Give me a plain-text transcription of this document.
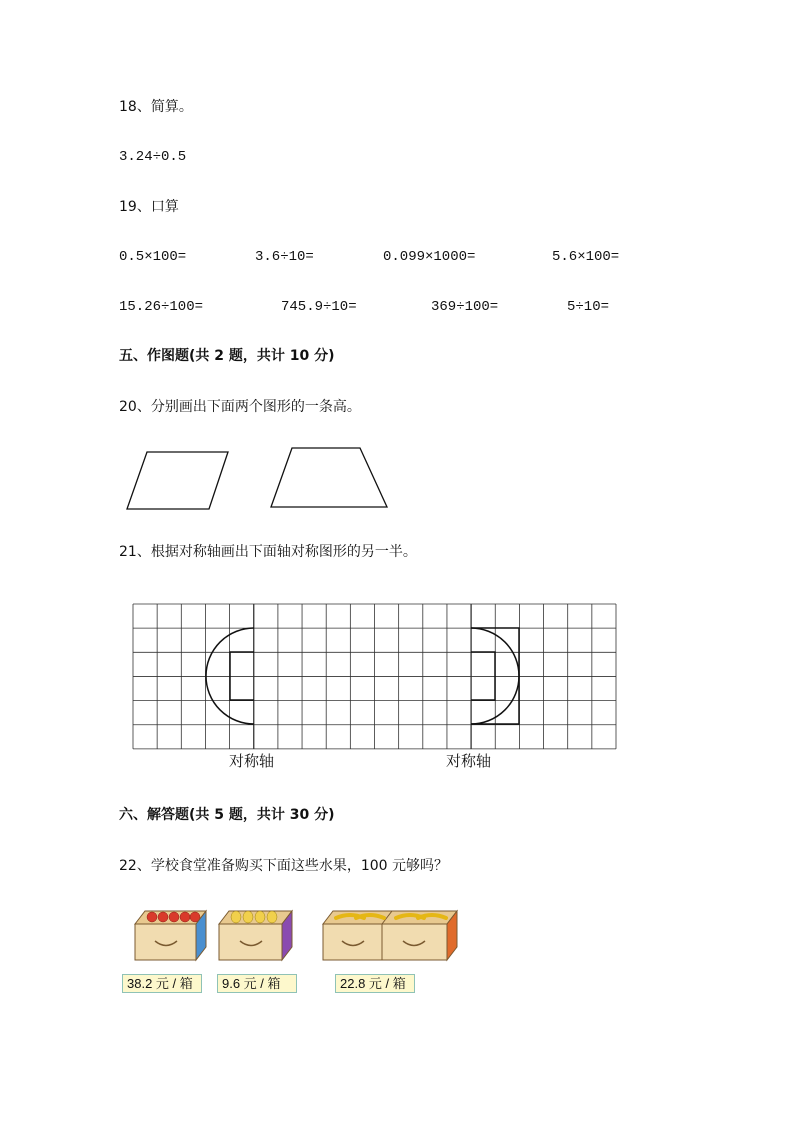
18、简算。
3.24÷0.5
19、口算
0.5×100=	3.6÷10=	0.099×1000=	5.6×100=
15.26÷100=	745.9÷10=	369÷100=	5÷10=
五、作图题(共 2 题，共计 10 分)
20、分别画出下面两个图形的一条高。
21、根据对称轴画出下面轴对称图形的另一半。
对称轴	对称轴
六、解答题(共 5 题，共计 30 分)
22、学校食堂准备购买下面这些水果，100 元够吗？
38.2 元 / 箱	9.6 元 / 箱	22.8 元 / 箱
